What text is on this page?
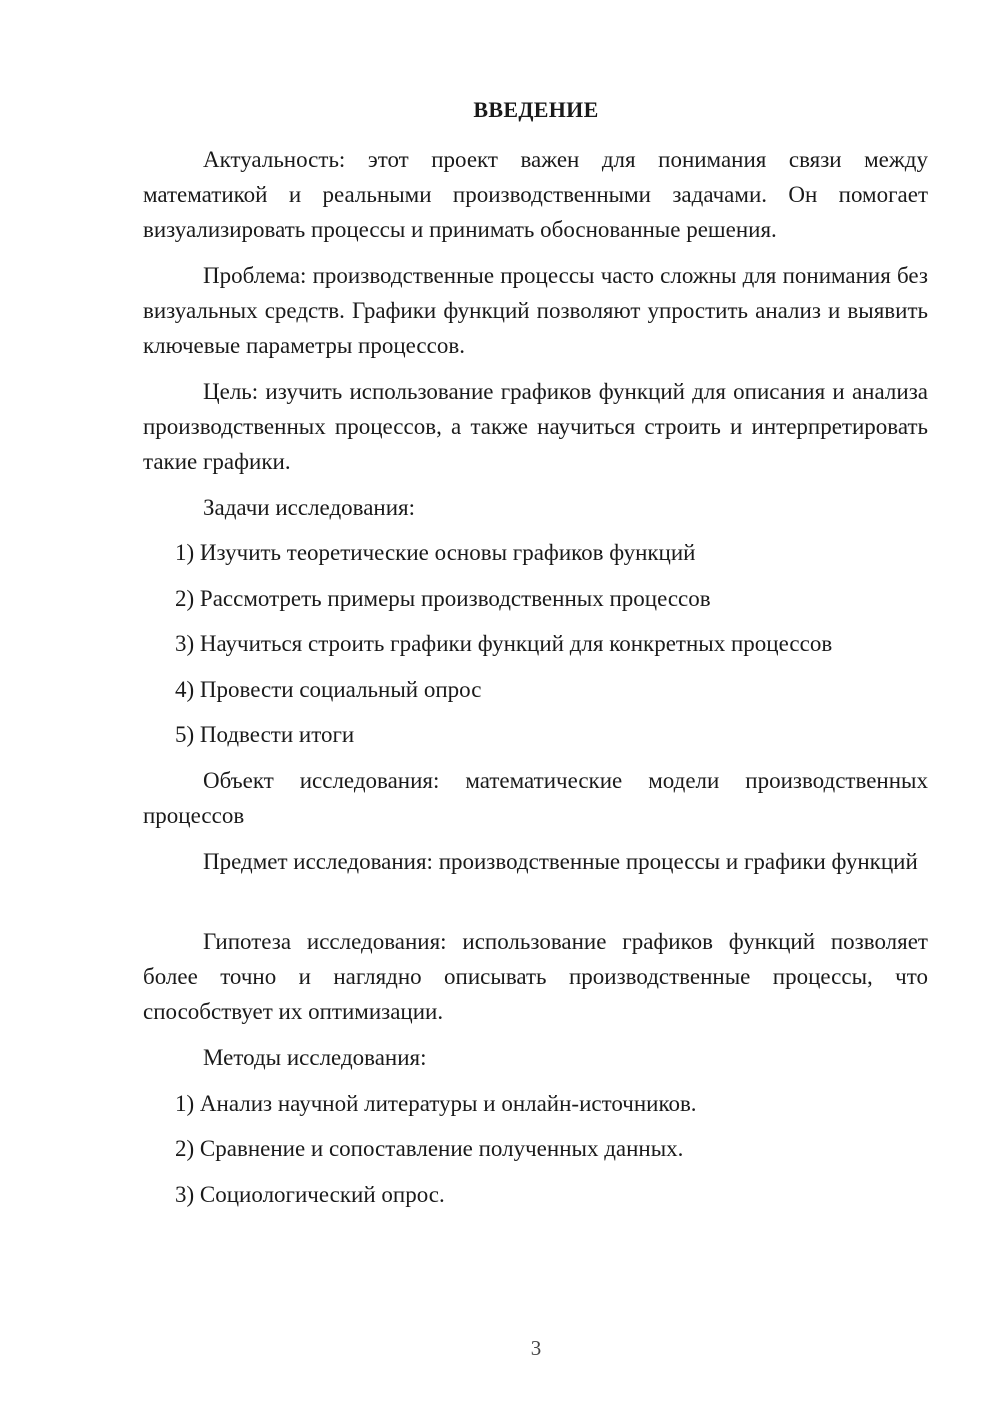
ВВЕДЕНИЕ

Актуальность: этот проект важен для понимания связи между математикой и реальными производственными задачами. Он помогает визуализировать процессы и принимать обоснованные решения.

Проблема: производственные процессы часто сложны для понимания без визуальных средств. Графики функций позволяют упростить анализ и выявить ключевые параметры процессов.

Цель: изучить использование графиков функций для описания и анализа производственных процессов, а также научиться строить и интерпретировать такие графики.

Задачи исследования:
1) Изучить теоретические основы графиков функций
2) Рассмотреть примеры производственных процессов
3) Научиться строить графики функций для конкретных процессов
4) Провести социальный опрос
5) Подвести итоги

Объект исследования: математические модели производственных процессов

Предмет исследования: производственные процессы и графики функций

Гипотеза исследования: использование графиков функций позволяет более точно и наглядно описывать производственные процессы, что способствует их оптимизации.

Методы исследования:
1) Анализ научной литературы и онлайн-источников.
2) Сравнение и сопоставление полученных данных.
3) Социологический опрос.
3
